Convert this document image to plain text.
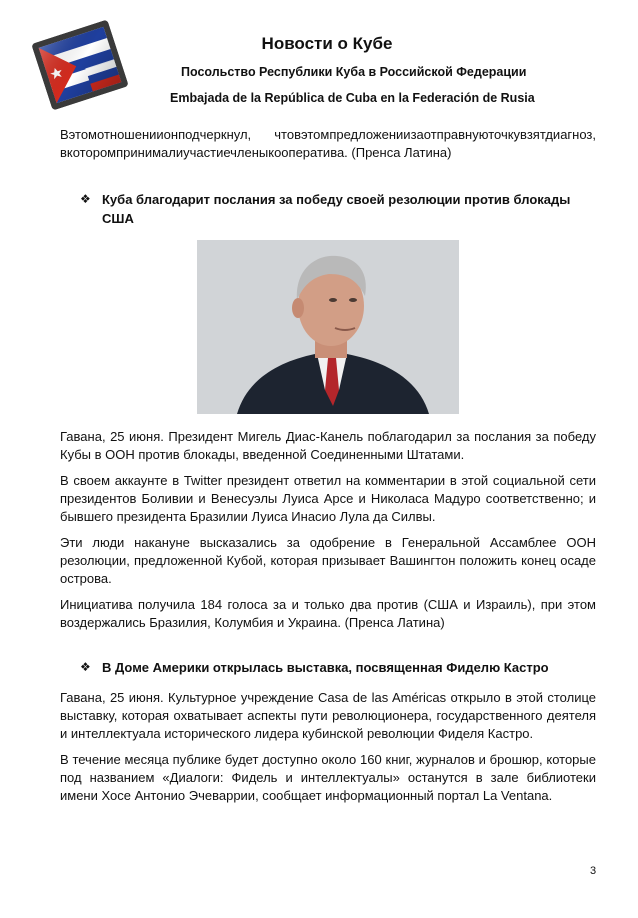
Новости о Кубе
Посольство Республики Куба в Российской Федерации
Embajada de la República de Cuba en la Federación de Rusia

Вэтомотношениионподчеркнул, чтовэтомпредложениизаотправнуюточкувзятдиагноз, вкоторомпринималиучастиечленыкооператива. (Пренса Латина)

❖ Куба благодарит послания за победу своей резолюции против блокады США

Гавана, 25 июня. Президент Мигель Диас-Канель поблагодарил за послания за победу Кубы в ООН против блокады, введенной Соединенными Штатами.

В своем аккаунте в Twitter президент ответил на комментарии в этой социальной сети президентов Боливии и Венесуэлы Луиса Арсе и Николаса Мадуро соответственно; и бывшего президента Бразилии Луиса Инасио Лула да Силвы.

Эти люди накануне высказались за одобрение в Генеральной Ассамблее ООН резолюции, предложенной Кубой, которая призывает Вашингтон положить конец осаде острова.

Инициатива получила 184 голоса за и только два против (США и Израиль), при этом воздержались Бразилия, Колумбия и Украина. (Пренса Латина)

❖ В Доме Америки открылась выставка, посвященная Фиделю Кастро

Гавана, 25 июня. Культурное учреждение Casa de las Américas открыло в этой столице выставку, которая охватывает аспекты пути революционера, государственного деятеля и интеллектуала исторического лидера кубинской революции Фиделя Кастро.

В течение месяца публике будет доступно около 160 книг, журналов и брошюр, которые под названием «Диалоги: Фидель и интеллектуалы» останутся в зале библиотеки имени Хосе Антонио Эчеваррии, сообщает информационный портал La Ventana.

3
